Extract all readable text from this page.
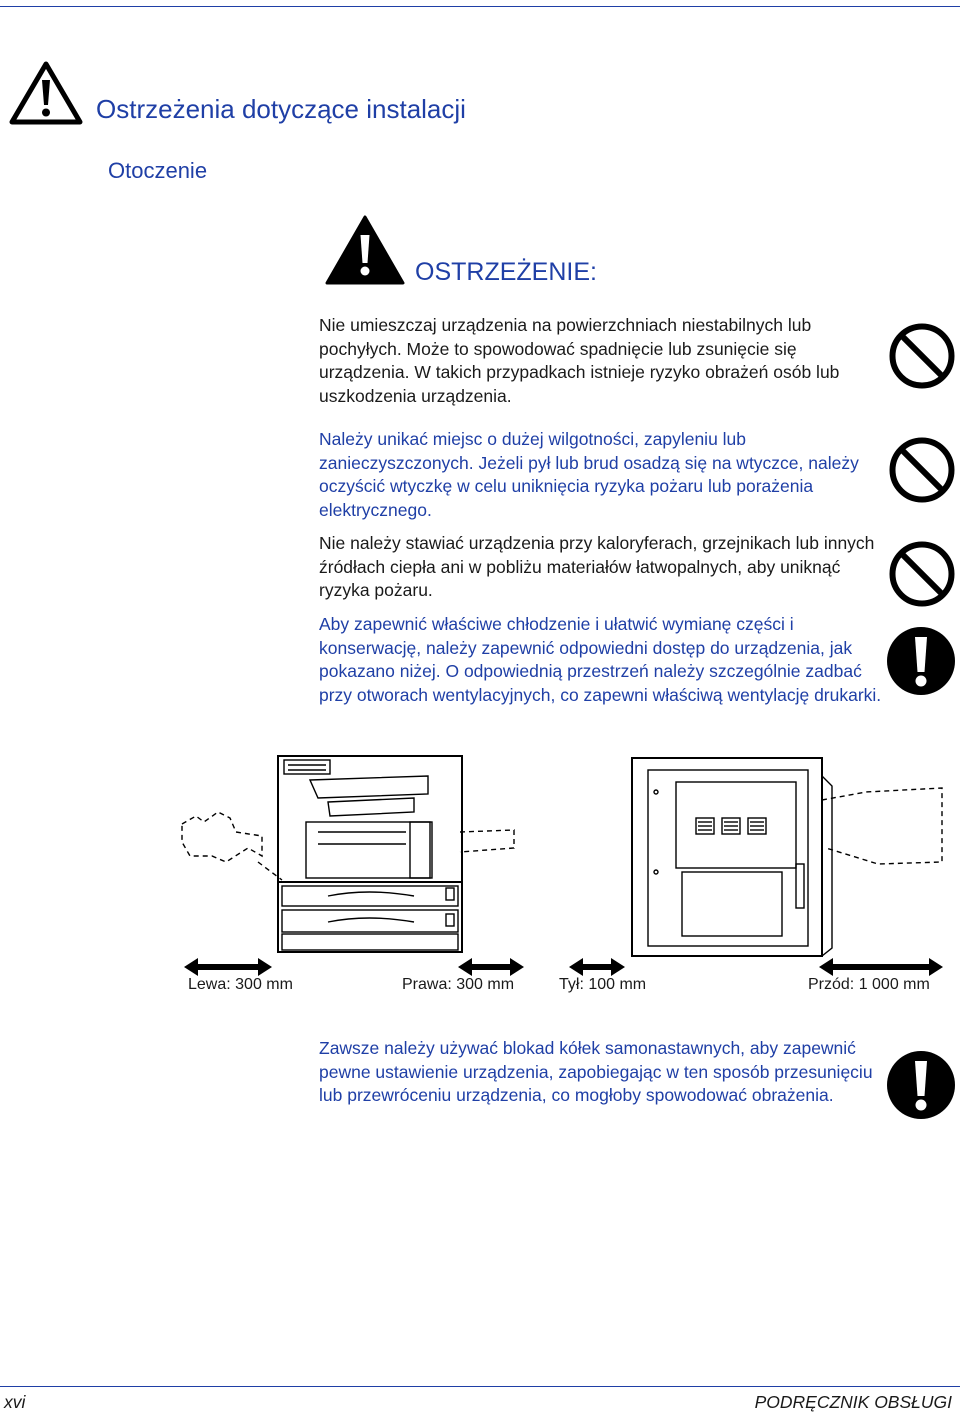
Ostrzeżenia dotyczące instalacji
Otoczenie
OSTRZEŻENIE:

Nie umieszczaj urządzenia na powierzchniach niestabilnych lub pochyłych. Może to spowodować spadnięcie lub zsunięcie się urządzenia. W takich przypadkach istnieje ryzyko obrażeń osób lub uszkodzenia urządzenia.

Należy unikać miejsc o dużej wilgotności, zapyleniu lub zanieczyszczonych. Jeżeli pył lub brud osadzą się na wtyczce, należy oczyścić wtyczkę w celu uniknięcia ryzyka pożaru lub porażenia elektrycznego.

Nie należy stawiać urządzenia przy kaloryferach, grzejnikach lub innych źródłach ciepła ani w pobliżu materiałów łatwopalnych, aby uniknąć ryzyka pożaru.

Aby zapewnić właściwe chłodzenie i ułatwić wymianę części i konserwację, należy zapewnić odpowiedni dostęp do urządzenia, jak pokazano niżej. O odpowiednią przestrzeń należy szczególnie zadbać przy otworach wentylacyjnych, co zapewni właściwą wentylację drukarki.

Lewa: 300 mm	Prawa: 300 mm	Tył: 100 mm	Przód: 1 000 mm

Zawsze należy używać blokad kółek samonastawnych, aby zapewnić pewne ustawienie urządzenia, zapobiegając w ten sposób przesunięciu lub przewróceniu urządzenia, co mogłoby spowodować obrażenia.

xvi	PODRĘCZNIK OBSŁUGI
